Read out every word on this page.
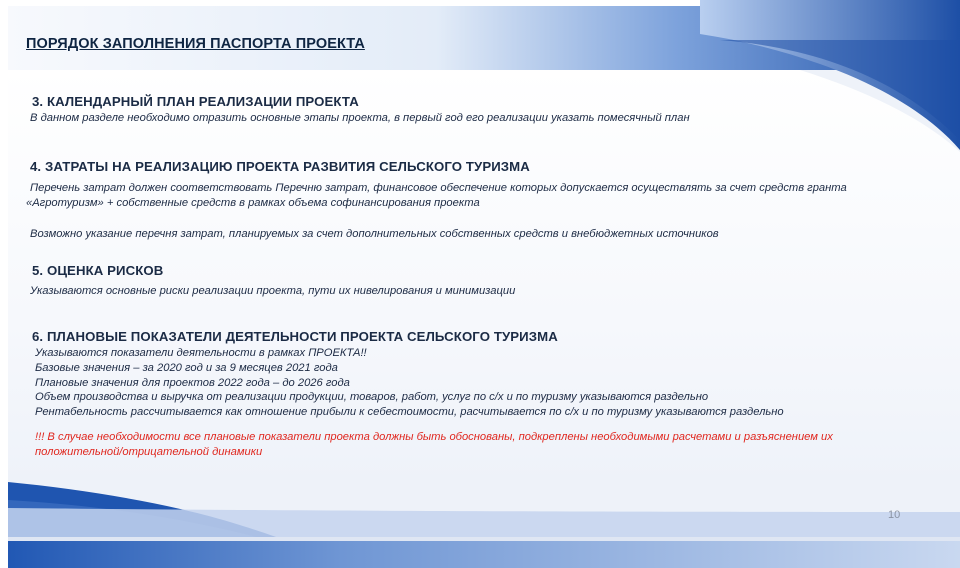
ПОРЯДОК ЗАПОЛНЕНИЯ ПАСПОРТА ПРОЕКТА
3. КАЛЕНДАРНЫЙ ПЛАН РЕАЛИЗАЦИИ ПРОЕКТА
В данном разделе необходимо отразить основные этапы проекта, в первый год его реализации указать помесячный план
4. ЗАТРАТЫ НА РЕАЛИЗАЦИЮ ПРОЕКТА РАЗВИТИЯ СЕЛЬСКОГО ТУРИЗМА
Перечень затрат должен соответствовать Перечню затрат, финансовое обеспечение которых допускается осуществлять за счет средств гранта
«Агротуризм» + собственные средств в рамках объема софинансирования проекта
Возможно указание перечня затрат, планируемых за счет дополнительных собственных средств и внебюджетных источников
5. ОЦЕНКА РИСКОВ
Указываются основные риски реализации проекта, пути их нивелирования и минимизации
6. ПЛАНОВЫЕ ПОКАЗАТЕЛИ ДЕЯТЕЛЬНОСТИ ПРОЕКТА СЕЛЬСКОГО ТУРИЗМА
Указываются показатели деятельности в рамках ПРОЕКТА!!
Базовые значения – за 2020 год и за 9 месяцев 2021 года
Плановые значения для проектов 2022 года – до 2026 года
Объем производства и выручка от реализации продукции, товаров, работ, услуг по с/х и по туризму указываются раздельно
Рентабельность рассчитывается как отношение прибыли к себестоимости, расчитывается по с/х и по туризму указываются раздельно
!!! В случае необходимости все плановые показатели проекта должны быть обоснованы, подкреплены необходимыми расчетами и разъяснением их
положительной/отрицательной динамики
10
